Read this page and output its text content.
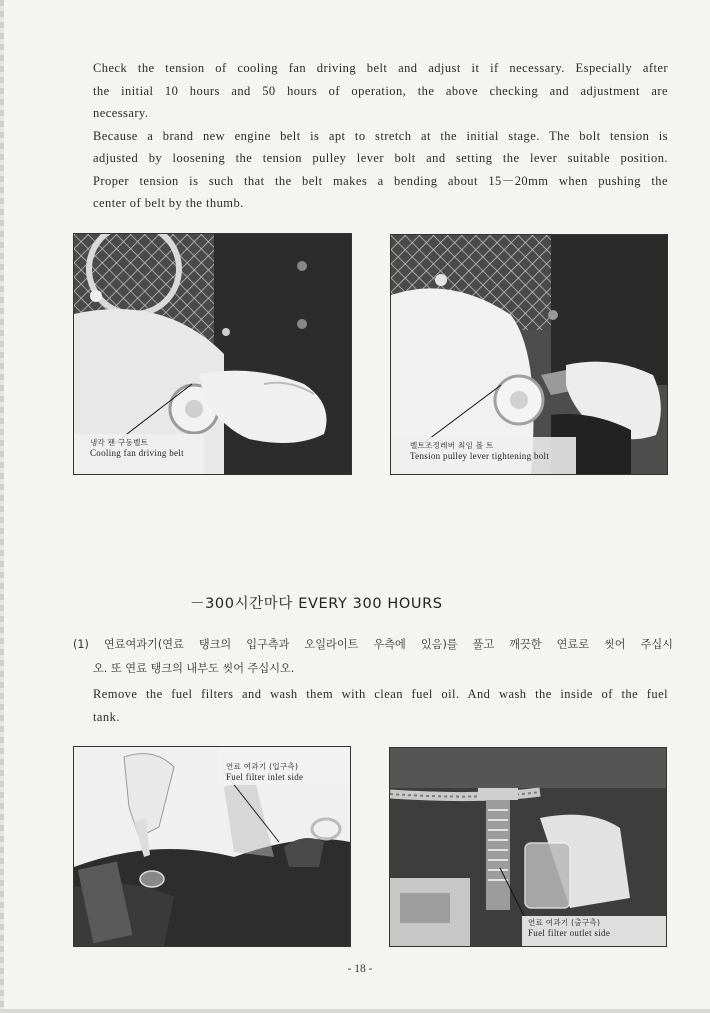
Check the tension of cooling fan driving belt and adjust it if necessary. Especially after
the initial 10 hours and 50 hours of operation, the above checking and adjustment are
necessary.
Because a brand new engine belt is apt to stretch at the initial stage. The bolt tension is
adjusted by loosening the tension pulley lever bolt and setting the lever suitable position.
Proper tension is such that the belt makes a bending about 15－20mm when pushing the
center of belt by the thumb.
냉각 팬 구동벨트
Cooling fan driving belt
벨트조정레버 죄임 볼 트
Tension pulley lever tightening bolt
－300시간마다 EVERY 300 HOURS
(1) 연료여과기(연료 탱크의 입구측과 오일라이트 우측에 있음)를 풀고 깨끗한 연료로 씻어 주십시
오. 또 연료 탱크의 내부도 씻어 주십시오.
Remove the fuel filters and wash them with clean fuel oil. And wash the inside of the fuel
tank.
연료 여과기 (입구측)
Fuel filter inlet side
연료 여과기 (출구측)
Fuel filter outlet side
- 18 -
